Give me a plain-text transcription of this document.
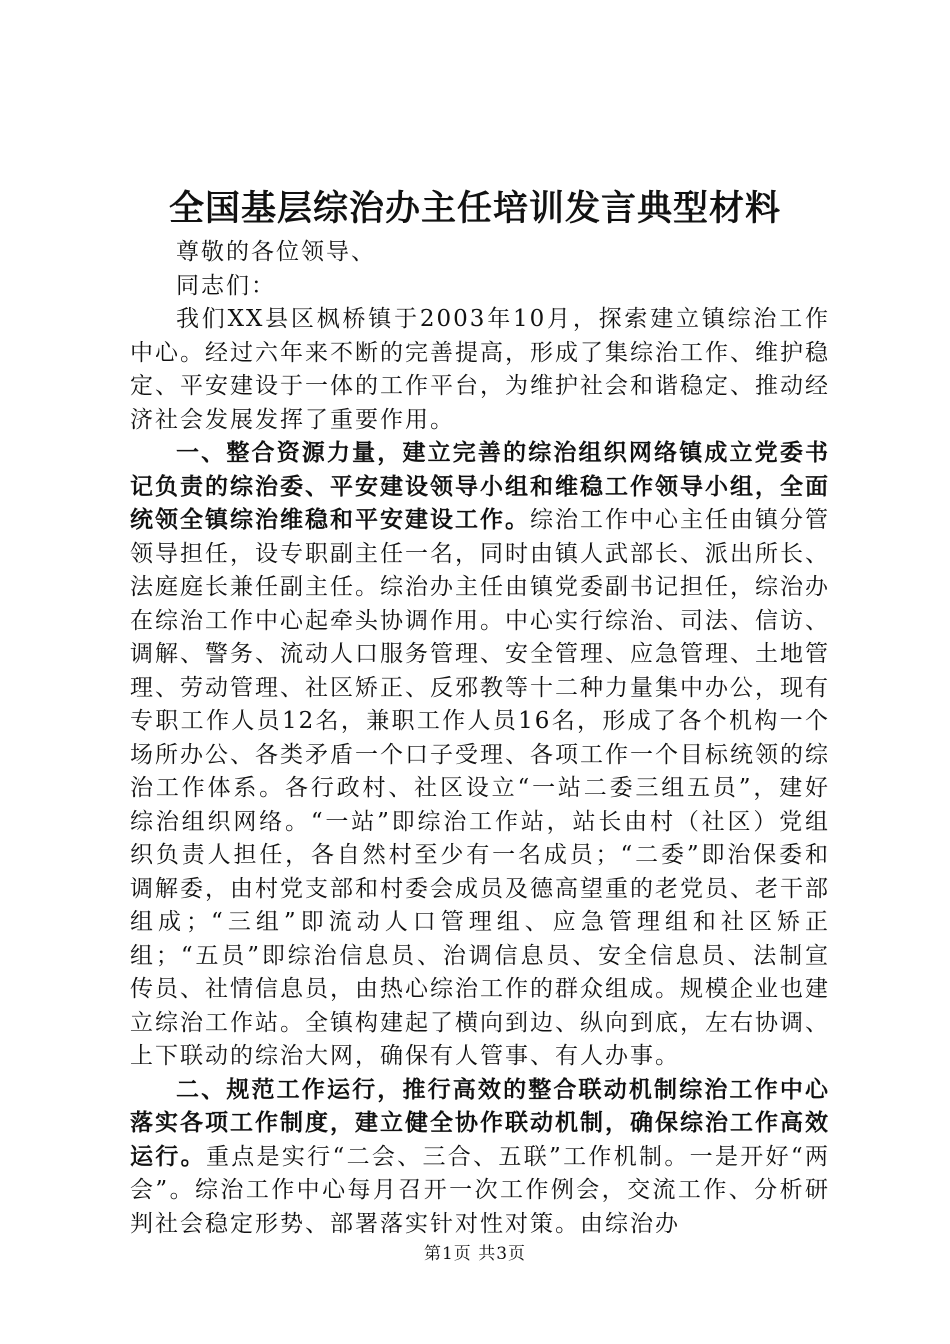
全国基层综治办主任培训发言典型材料

尊敬的各位领导、

同志们：

我们XX县区枫桥镇于2003年10月，探索建立镇综治工作中心。经过六年来不断的完善提高，形成了集综治工作、维护稳定、平安建设于一体的工作平台，为维护社会和谐稳定、推动经济社会发展发挥了重要作用。

一、整合资源力量，建立完善的综治组织网络镇成立党委书记负责的综治委、平安建设领导小组和维稳工作领导小组，全面统领全镇综治维稳和平安建设工作。综治工作中心主任由镇分管领导担任，设专职副主任一名，同时由镇人武部长、派出所长、法庭庭长兼任副主任。综治办主任由镇党委副书记担任，综治办在综治工作中心起牵头协调作用。中心实行综治、司法、信访、调解、警务、流动人口服务管理、安全管理、应急管理、土地管理、劳动管理、社区矫正、反邪教等十二种力量集中办公，现有专职工作人员12名，兼职工作人员16名，形成了各个机构一个场所办公、各类矛盾一个口子受理、各项工作一个目标统领的综治工作体系。各行政村、社区设立“一站二委三组五员”，建好综治组织网络。“一站”即综治工作站，站长由村（社区）党组织负责人担任，各自然村至少有一名成员；“二委”即治保委和调解委，由村党支部和村委会成员及德高望重的老党员、老干部组成；“三组”即流动人口管理组、应急管理组和社区矫正组；“五员”即综治信息员、治调信息员、安全信息员、法制宣传员、社情信息员，由热心综治工作的群众组成。规模企业也建立综治工作站。全镇构建起了横向到边、纵向到底，左右协调、上下联动的综治大网，确保有人管事、有人办事。

二、规范工作运行，推行高效的整合联动机制综治工作中心落实各项工作制度，建立健全协作联动机制，确保综治工作高效运行。重点是实行“二会、三合、五联”工作机制。一是开好“两会”。综治工作中心每月召开一次工作例会，交流工作、分析研判社会稳定形势、部署落实针对性对策。由综治办

第1页 共3页
